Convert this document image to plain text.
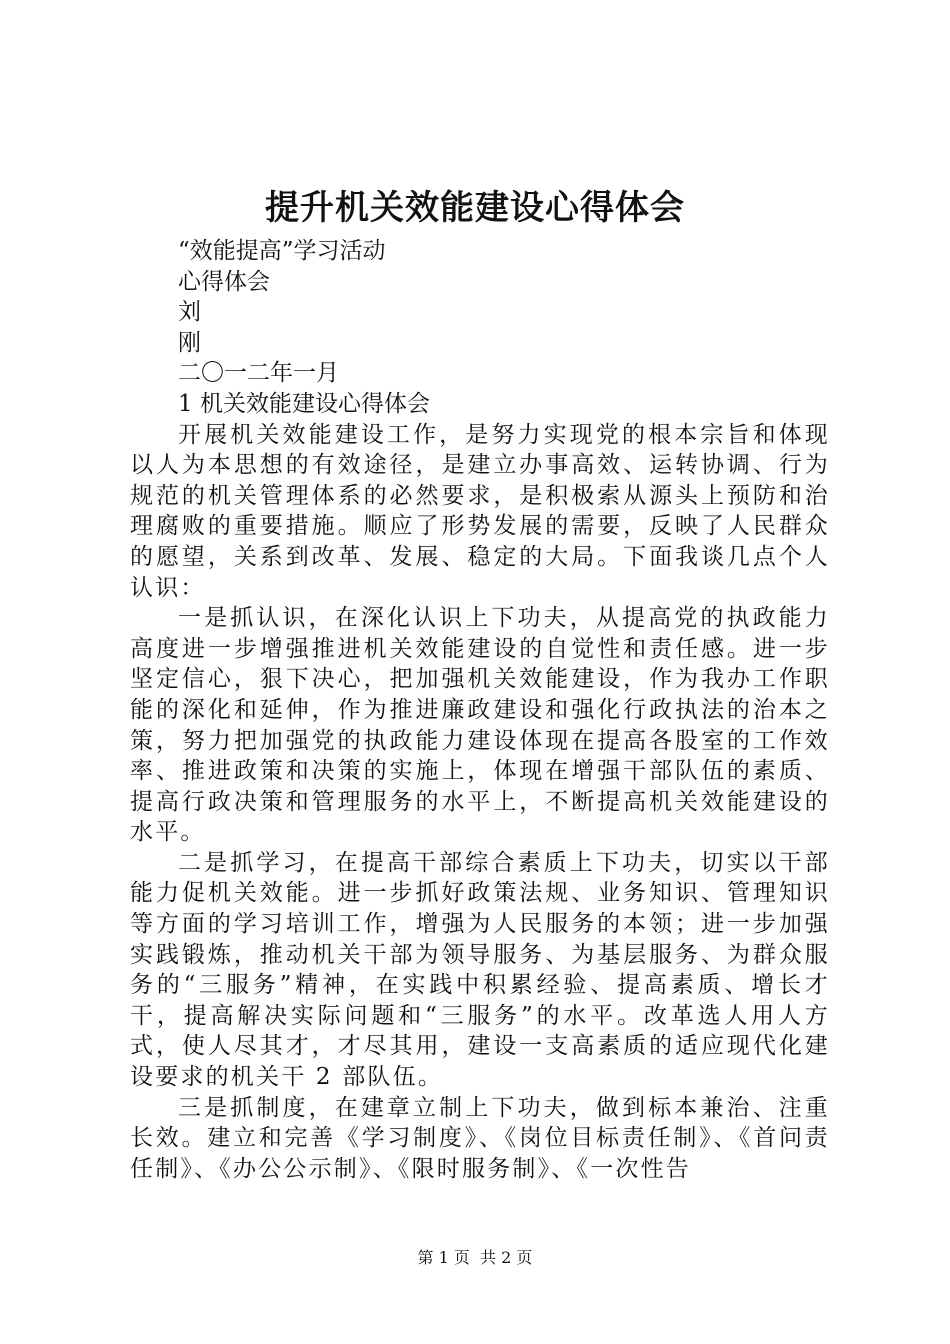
提升机关效能建设心得体会

“效能提高”学习活动

心得体会

刘

刚

二〇一二年一月

1 机关效能建设心得体会

开展机关效能建设工作，是努力实现党的根本宗旨和体现以人为本思想的有效途径，是建立办事高效、运转协调、行为规范的机关管理体系的必然要求，是积极索从源头上预防和治理腐败的重要措施。顺应了形势发展的需要，反映了人民群众的愿望，关系到改革、发展、稳定的大局。下面我谈几点个人认识：

一是抓认识，在深化认识上下功夫，从提高党的执政能力高度进一步增强推进机关效能建设的自觉性和责任感。进一步坚定信心，狠下决心，把加强机关效能建设，作为我办工作职能的深化和延伸，作为推进廉政建设和强化行政执法的治本之策，努力把加强党的执政能力建设体现在提高各股室的工作效率、推进政策和决策的实施上，体现在增强干部队伍的素质、提高行政决策和管理服务的水平上，不断提高机关效能建设的水平。

二是抓学习，在提高干部综合素质上下功夫，切实以干部能力促机关效能。进一步抓好政策法规、业务知识、管理知识等方面的学习培训工作，增强为人民服务的本领；进一步加强实践锻炼，推动机关干部为领导服务、为基层服务、为群众服务的“三服务”精神，在实践中积累经验、提高素质、增长才干，提高解决实际问题和“三服务”的水平。改革选人用人方式，使人尽其才，才尽其用，建设一支高素质的适应现代化建设要求的机关干 2 部队伍。

三是抓制度，在建章立制上下功夫，做到标本兼治、注重长效。建立和完善《学习制度》、《岗位目标责任制》、《首问责任制》、《办公公示制》、《限时服务制》、《一次性告

第 1 页 共 2 页
